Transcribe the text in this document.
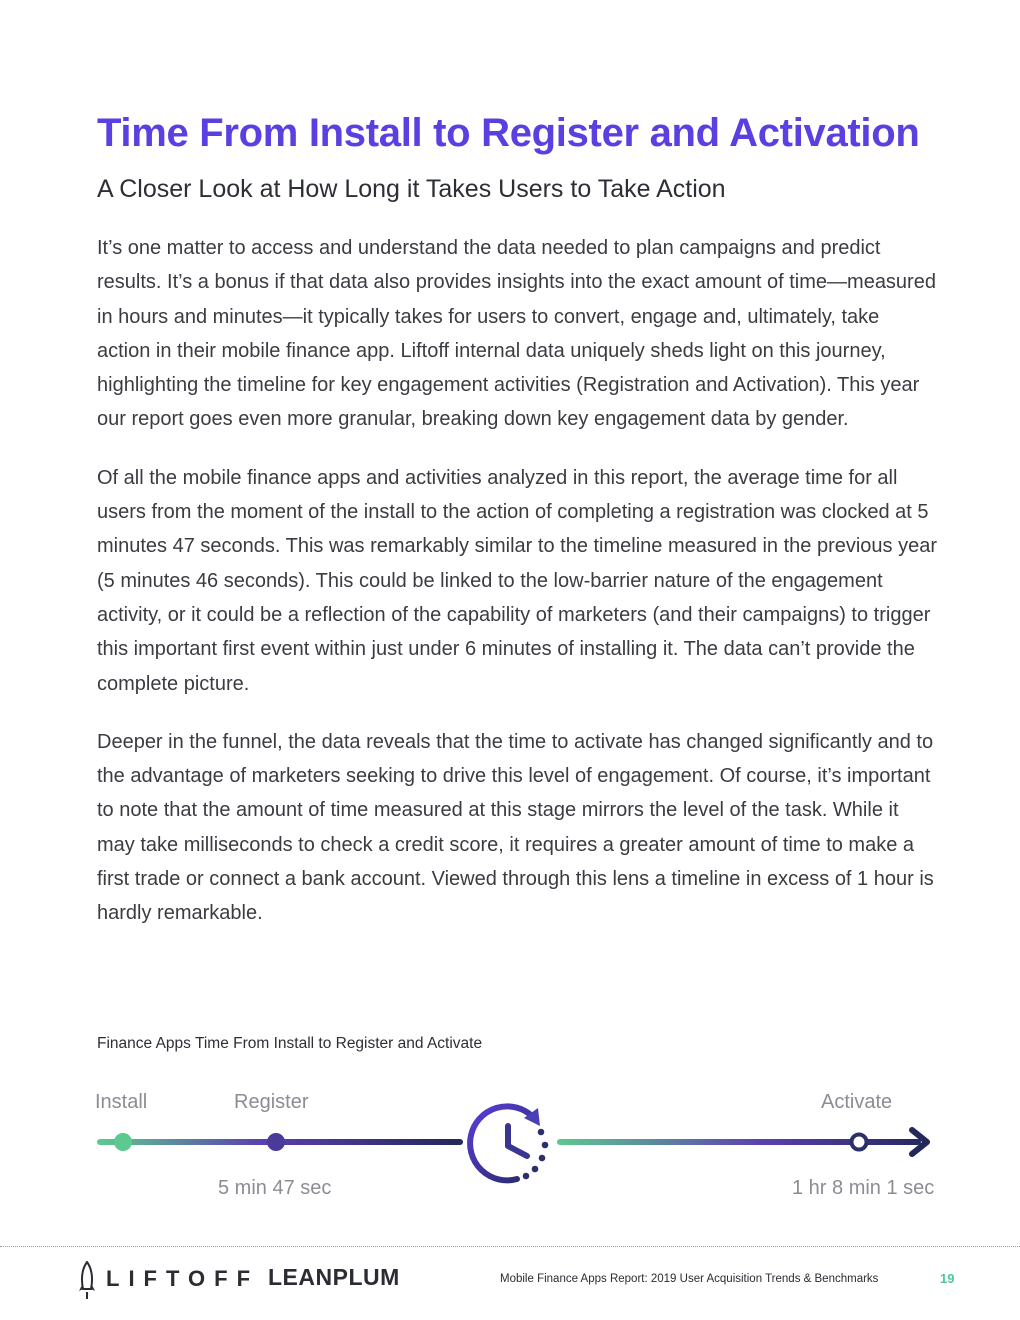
Time From Install to Register and Activation
A Closer Look at How Long it Takes Users to Take Action

It’s one matter to access and understand the data needed to plan campaigns and predict results. It’s a bonus if that data also provides insights into the exact amount of time—measured in hours and minutes—it typically takes for users to convert, engage and, ultimately, take action in their mobile finance app. Liftoff internal data uniquely sheds light on this journey, highlighting the timeline for key engagement activities (Registration and Activation). This year our report goes even more granular, breaking down key engagement data by gender.

Of all the mobile finance apps and activities analyzed in this report, the average time for all users from the moment of the install to the action of completing a registration was clocked at 5 minutes 47 seconds. This was remarkably similar to the timeline measured in the previous year (5 minutes 46 seconds). This could be linked to the low-barrier nature of the engagement activity, or it could be a reflection of the capability of marketers (and their campaigns) to trigger this important first event within just under 6 minutes of installing it. The data can’t provide the complete picture.

Deeper in the funnel, the data reveals that the time to activate has changed significantly and to the advantage of marketers seeking to drive this level of engagement. Of course, it’s important to note that the amount of time measured at this stage mirrors the level of the task. While it may take milliseconds to check a credit score, it requires a greater amount of time to make a first trade or connect a bank account. Viewed through this lens a timeline in excess of 1 hour is hardly remarkable.

Finance Apps Time From Install to Register and Activate
Install	Register	Activate
5 min 47 sec	1 hr 8 min 1 sec
LIFTOFF LEANPLUM	Mobile Finance Apps Report: 2019 User Acquisition Trends & Benchmarks	19
